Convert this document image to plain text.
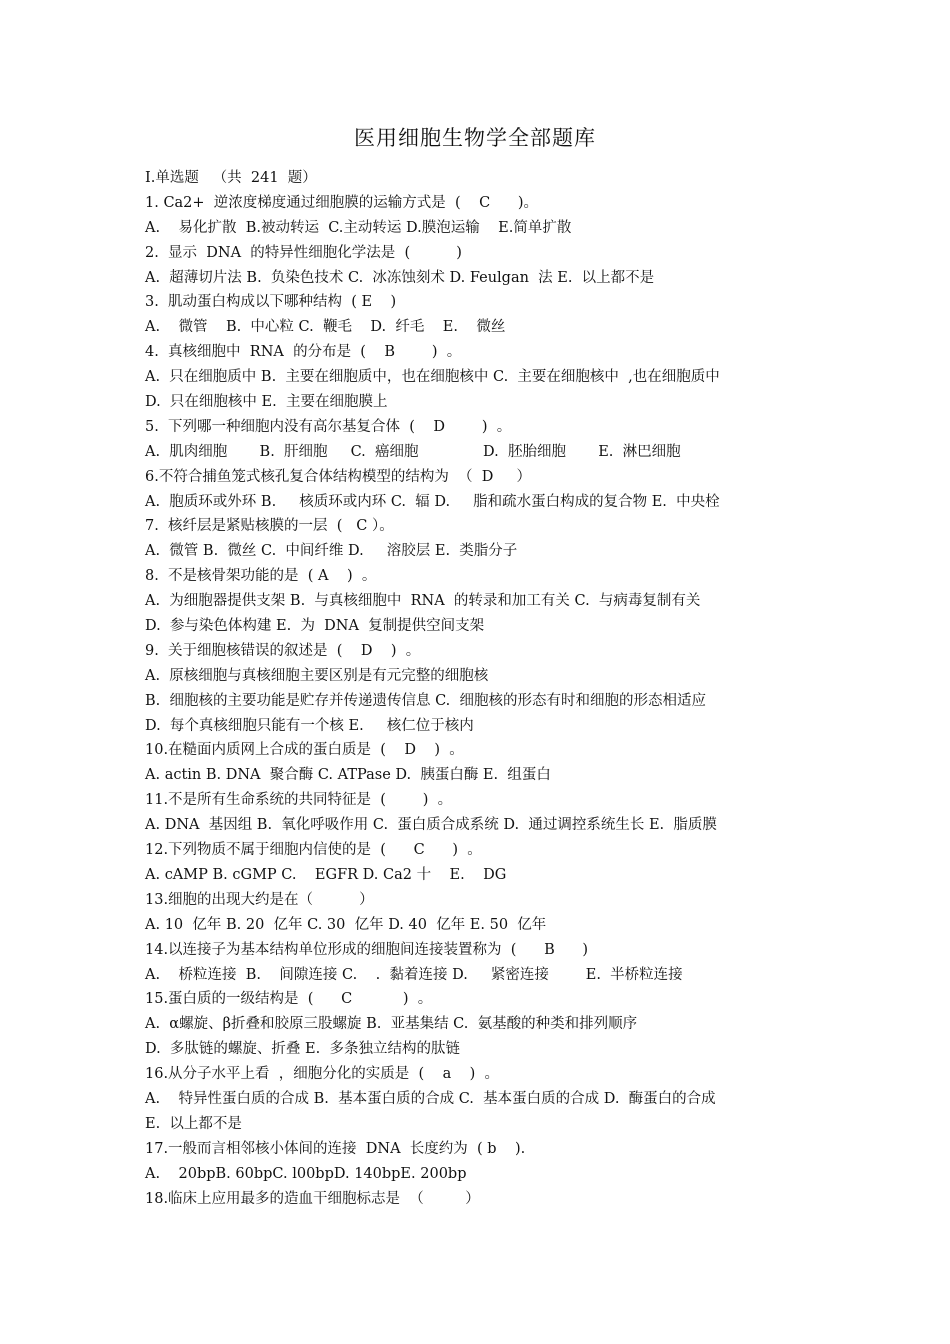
医用细胞生物学全部题库
I.单选题   （共  241  题）
1. Ca2+  逆浓度梯度通过细胞膜的运输方式是  (    C      )。
A.    易化扩散  B.被动转运  C.主动转运 D.膜泡运输    E.简单扩散
2.  显示  DNA  的特异性细胞化学法是  (          )
A.  超薄切片法 B.  负染色技术 C.  冰冻蚀刻术 D. Feulgan  法 E.  以上都不是
3.  肌动蛋白构成以下哪种结构  ( E    )
A.    微管    B.  中心粒 C.  鞭毛    D.  纤毛    E.    微丝
4.  真核细胞中  RNA  的分布是  (    B        )  。
A.  只在细胞质中 B.  主要在细胞质中，也在细胞核中 C.  主要在细胞核中  ,也在细胞质中
D.  只在细胞核中 E.  主要在细胞膜上
5.  下列哪一种细胞内没有高尔基复合体  (    D        )  。
A.  肌肉细胞       B.  肝细胞     C.  癌细胞              D.  胚胎细胞       E.  淋巴细胞
6.不符合捕鱼笼式核孔复合体结构模型的结构为  （  D     ）
A.  胞质环或外环 B.     核质环或内环 C.  辐 D.     脂和疏水蛋白构成的复合物 E.  中央栓
7.  核纤层是紧贴核膜的一层  (   C ）。
A.  微管 B.  微丝 C.  中间纤维 D.     溶胶层 E.  类脂分子
8.  不是核骨架功能的是  ( A    )  。
A.  为细胞器提供支架 B.  与真核细胞中  RNA  的转录和加工有关 C.  与病毒复制有关
D.  参与染色体构建 E.  为  DNA  复制提供空间支架
9.  关于细胞核错误的叙述是  (    D    )  。
A.  原核细胞与真核细胞主要区别是有元完整的细胞核
B.  细胞核的主要功能是贮存并传递遗传信息 C.  细胞核的形态有时和细胞的形态相适应
D.  每个真核细胞只能有一个核 E.     核仁位于核内
10.在糙面内质网上合成的蛋白质是  (    D    )  。
A. actin B. DNA  聚合酶 C. ATPase D.  胰蛋白酶 E.  组蛋白
11.不是所有生命系统的共同特征是  (        )  。
A. DNA  基因组 B.  氧化呼吸作用 C.  蛋白质合成系统 D.  通过调控系统生长 E.  脂质膜
12.下列物质不属于细胞内信使的是  (      C      )  。
A. cAMP B. cGMP C.    EGFR D. Ca2 十    E.    DG
13.细胞的出现大约是在（          ）
A. 10  亿年 B. 20  亿年 C. 30  亿年 D. 40  亿年 E. 50  亿年
14.以连接子为基本结构单位形成的细胞间连接装置称为  (      B      )
A.    桥粒连接  B.    间隙连接 C.    .  黏着连接 D.     紧密连接        E.  半桥粒连接
15.蛋白质的一级结构是  (      C           )  。
A.  α螺旋、β折叠和胶原三股螺旋 B.  亚基集结 C.  氨基酸的种类和排列顺序
D.  多肽链的螺旋、折叠 E.  多条独立结构的肽链
16.从分子水平上看  ，细胞分化的实质是  (    a    )  。
A.    特异性蛋白质的合成 B.  基本蛋白质的合成 C.  基本蛋白质的合成 D.  酶蛋白的合成
E.  以上都不是
17.一般而言相邻核小体间的连接  DNA  长度约为  ( b    ).
A.    20bpB. 60bpC. l00bpD. 140bpE. 200bp
18.临床上应用最多的造血干细胞标志是  （         ）
